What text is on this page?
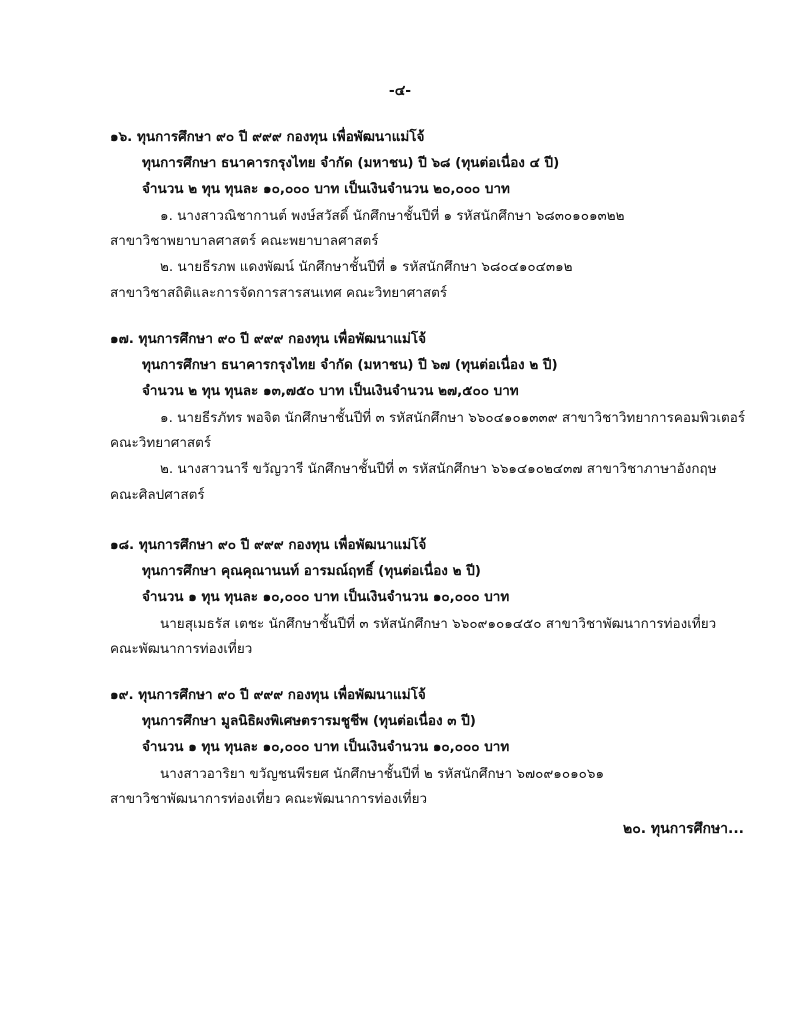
-๔-
๑๖. ทุนการศึกษา ๙๐ ปี ๙๙๙ กองทุน เพื่อพัฒนาแม่โจ้
ทุนการศึกษา ธนาคารกรุงไทย จำกัด (มหาชน) ปี ๖๘ (ทุนต่อเนื่อง ๔ ปี)
จำนวน ๒ ทุน ทุนละ ๑๐,๐๐๐ บาท เป็นเงินจำนวน ๒๐,๐๐๐ บาท
๑. นางสาวณิชากานต์ พงษ์สวัสดิ์ นักศึกษาชั้นปีที่ ๑ รหัสนักศึกษา ๖๘๓๐๑๐๑๓๒๒
สาขาวิชาพยาบาลศาสตร์ คณะพยาบาลศาสตร์
๒. นายธีรภพ แดงพัฒน์ นักศึกษาชั้นปีที่ ๑ รหัสนักศึกษา ๖๘๐๔๑๐๔๓๑๒
สาขาวิชาสถิติและการจัดการสารสนเทศ คณะวิทยาศาสตร์
๑๗. ทุนการศึกษา ๙๐ ปี ๙๙๙ กองทุน เพื่อพัฒนาแม่โจ้
ทุนการศึกษา ธนาคารกรุงไทย จำกัด (มหาชน) ปี ๖๗ (ทุนต่อเนื่อง ๒ ปี)
จำนวน ๒ ทุน ทุนละ ๑๓,๗๕๐ บาท เป็นเงินจำนวน ๒๗,๕๐๐ บาท
๑. นายธีรภัทร พอจิต นักศึกษาชั้นปีที่ ๓ รหัสนักศึกษา ๖๖๐๔๑๐๑๓๓๙ สาขาวิชาวิทยาการคอมพิวเตอร์
คณะวิทยาศาสตร์
๒. นางสาวนารี ขวัญวารี นักศึกษาชั้นปีที่ ๓ รหัสนักศึกษา ๖๖๑๔๑๐๒๔๓๗ สาขาวิชาภาษาอังกฤษ
คณะศิลปศาสตร์
๑๘. ทุนการศึกษา ๙๐ ปี ๙๙๙ กองทุน เพื่อพัฒนาแม่โจ้
ทุนการศึกษา คุณคุณานนท์ อารมณ์ฤทธิ์ (ทุนต่อเนื่อง ๒ ปี)
จำนวน ๑ ทุน ทุนละ ๑๐,๐๐๐ บาท เป็นเงินจำนวน ๑๐,๐๐๐ บาท
นายสุเมธรัส เตชะ นักศึกษาชั้นปีที่ ๓ รหัสนักศึกษา ๖๖๐๙๑๐๑๔๕๐ สาขาวิชาพัฒนาการท่องเที่ยว
คณะพัฒนาการท่องเที่ยว
๑๙. ทุนการศึกษา ๙๐ ปี ๙๙๙ กองทุน เพื่อพัฒนาแม่โจ้
ทุนการศึกษา มูลนิธิผงพิเศษตรารมชูชีพ (ทุนต่อเนื่อง ๓ ปี)
จำนวน ๑ ทุน ทุนละ ๑๐,๐๐๐ บาท เป็นเงินจำนวน ๑๐,๐๐๐ บาท
นางสาวอาริยา ขวัญชนพีรยศ นักศึกษาชั้นปีที่ ๒ รหัสนักศึกษา ๖๗๐๙๑๐๑๐๖๑
สาขาวิชาพัฒนาการท่องเที่ยว คณะพัฒนาการท่องเที่ยว
๒๐. ทุนการศึกษา...
